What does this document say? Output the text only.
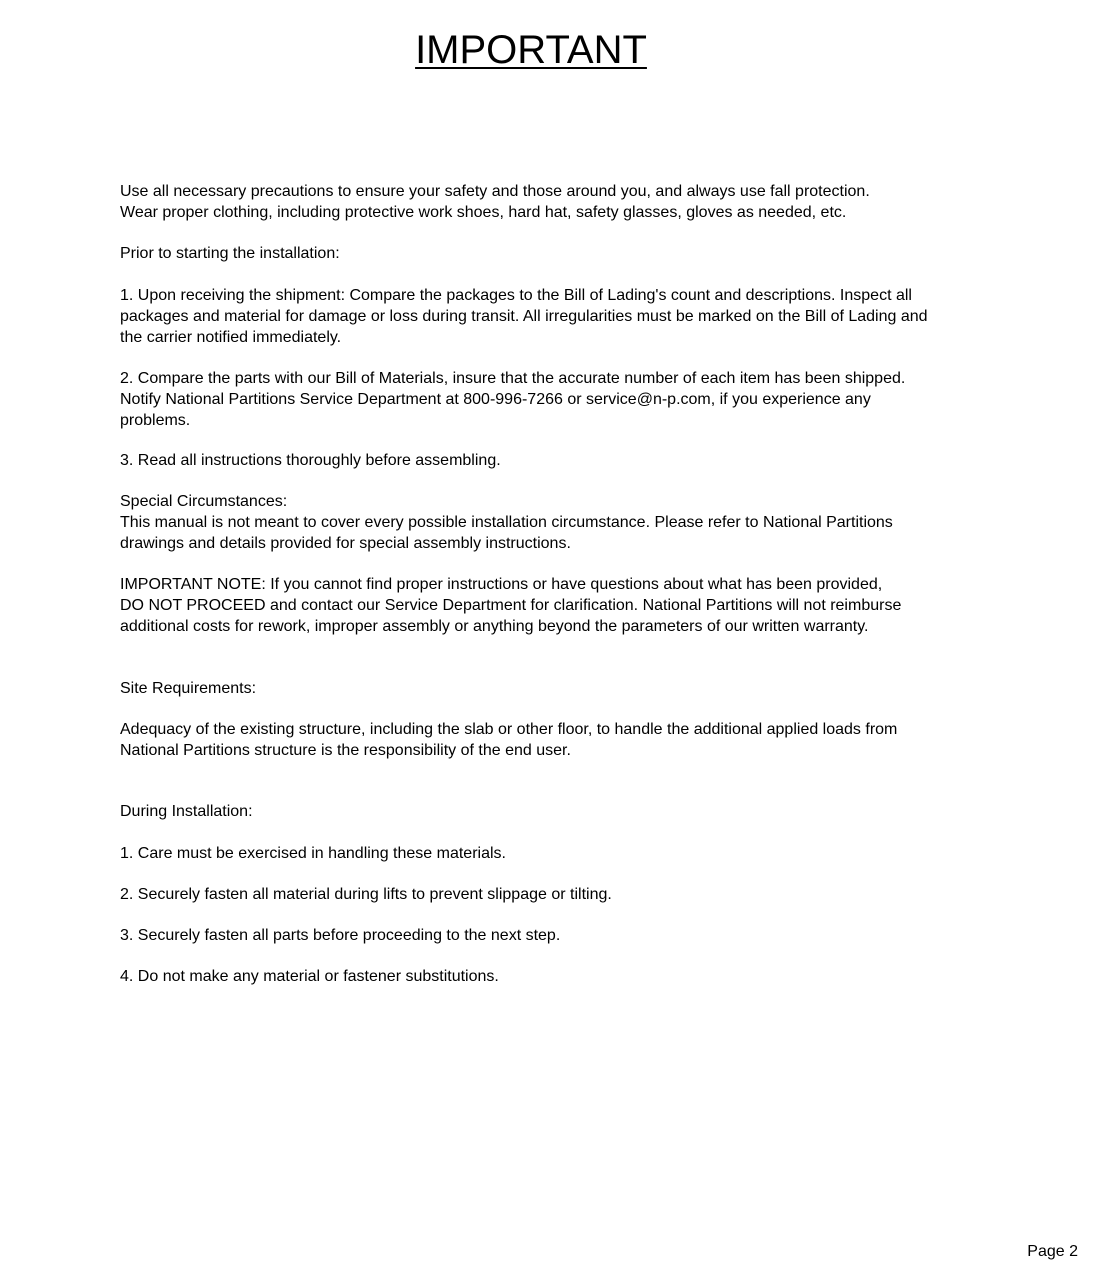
IMPORTANT
Use all necessary precautions to ensure your safety and those around you, and always use fall protection.
Wear proper clothing, including protective work shoes, hard hat, safety glasses, gloves as needed, etc.
Prior to starting the installation:
1. Upon receiving the shipment: Compare the packages to the Bill of Lading's count and descriptions. Inspect all
packages and material for damage or loss during transit. All irregularities must be marked on the Bill of Lading and
the carrier notified immediately.
2. Compare the parts with our Bill of Materials, insure that the accurate number of each item has been shipped.
Notify National Partitions Service Department at 800-996-7266 or service@n-p.com, if you experience any
problems.
3. Read all instructions thoroughly before assembling.
Special Circumstances:
This manual is not meant to cover every possible installation circumstance. Please refer to National Partitions
drawings and details provided for special assembly instructions.
IMPORTANT NOTE: If you cannot find proper instructions or have questions about what has been provided,
DO NOT PROCEED and contact our Service Department for clarification. National Partitions will not reimburse
additional costs for rework, improper assembly or anything beyond the parameters of our written warranty.
Site Requirements:
Adequacy of the existing structure, including the slab or other floor, to handle the additional applied loads from
National Partitions structure is the responsibility of the end user.
During Installation:
1. Care must be exercised in handling these materials.
2. Securely fasten all material during lifts to prevent slippage or tilting.
3. Securely fasten all parts before proceeding to the next step.
4. Do not make any material or fastener substitutions.
Page 2
